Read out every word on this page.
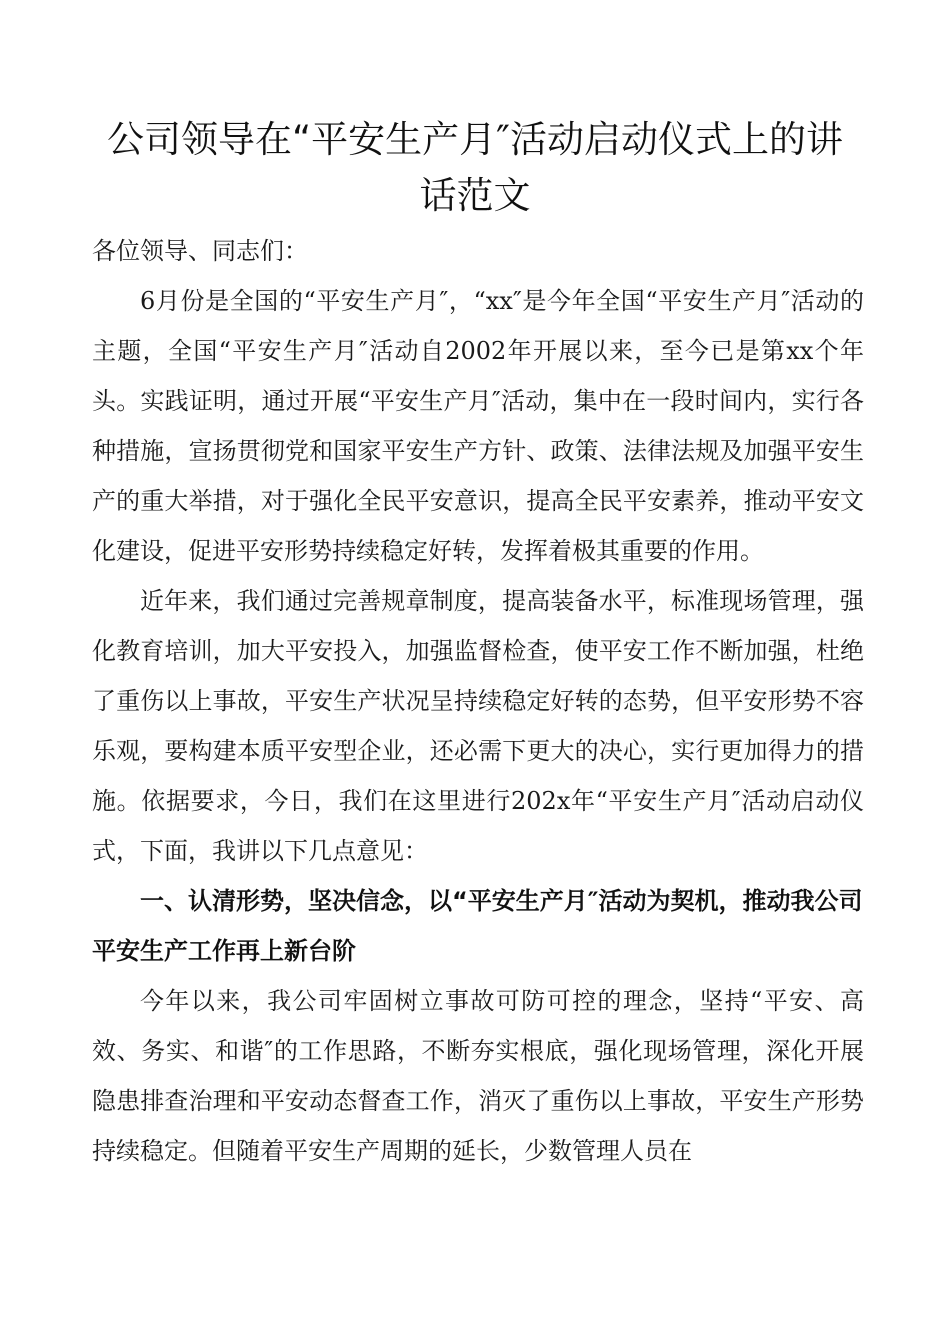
公司领导在“平安生产月″活动启动仪式上的讲话范文

各位领导、同志们：

6月份是全国的“平安生产月″，“xx″是今年全国“平安生产月″活动的主题，全国“平安生产月″活动自2002年开展以来，至今已是第xx个年头。实践证明，通过开展“平安生产月″活动，集中在一段时间内，实行各种措施，宣扬贯彻党和国家平安生产方针、政策、法律法规及加强平安生产的重大举措，对于强化全民平安意识，提高全民平安素养，推动平安文化建设，促进平安形势持续稳定好转，发挥着极其重要的作用。

近年来，我们通过完善规章制度，提高装备水平，标准现场管理，强化教育培训，加大平安投入，加强监督检查，使平安工作不断加强，杜绝了重伤以上事故，平安生产状况呈持续稳定好转的态势，但平安形势不容乐观，要构建本质平安型企业，还必需下更大的决心，实行更加得力的措施。依据要求，今日，我们在这里进行202x年“平安生产月″活动启动仪式，下面，我讲以下几点意见：

一、认清形势，坚决信念，以“平安生产月″活动为契机，推动我公司平安生产工作再上新台阶

今年以来，我公司牢固树立事故可防可控的理念，坚持“平安、高效、务实、和谐″的工作思路，不断夯实根底，强化现场管理，深化开展隐患排查治理和平安动态督查工作，消灭了重伤以上事故，平安生产形势持续稳定。但随着平安生产周期的延长，少数管理人员在
